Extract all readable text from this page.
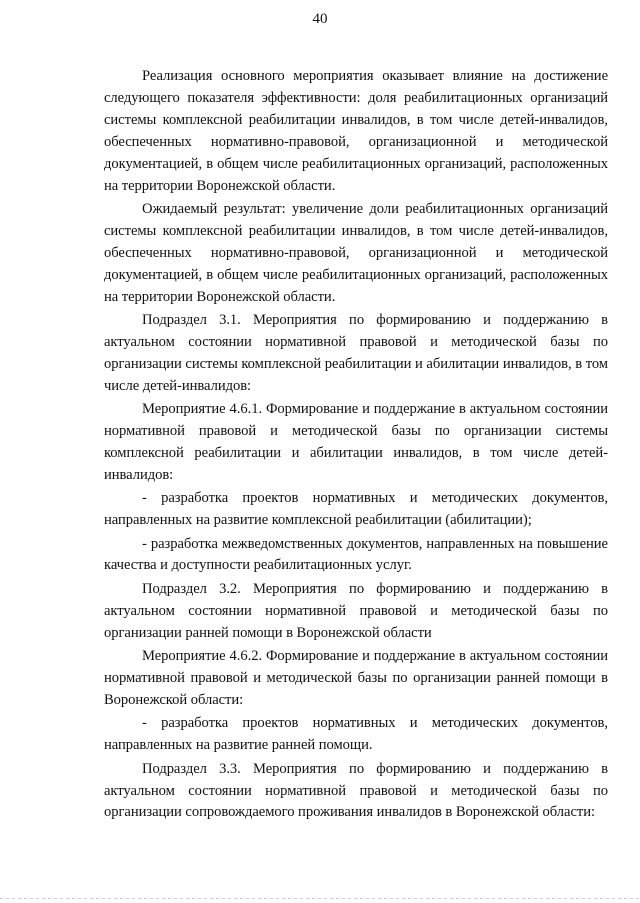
40

Реализация основного мероприятия оказывает влияние на достижение следующего показателя эффективности: доля реабилитационных организаций системы комплексной реабилитации инвалидов, в том числе детей-инвалидов, обеспеченных нормативно-правовой, организационной и методической документацией, в общем числе реабилитационных организаций, расположенных на территории Воронежской области.

Ожидаемый результат: увеличение доли реабилитационных организаций системы комплексной реабилитации инвалидов, в том числе детей-инвалидов, обеспеченных нормативно-правовой, организационной и методической документацией, в общем числе реабилитационных организаций, расположенных на территории Воронежской области.

Подраздел 3.1. Мероприятия по формированию и поддержанию в актуальном состоянии нормативной правовой и методической базы по организации системы комплексной реабилитации и абилитации инвалидов, в том числе детей-инвалидов:

Мероприятие 4.6.1. Формирование и поддержание в актуальном состоянии нормативной правовой и методической базы по организации системы комплексной реабилитации и абилитации инвалидов, в том числе детей-инвалидов:

- разработка проектов нормативных и методических документов, направленных на развитие комплексной реабилитации (абилитации);

- разработка межведомственных документов, направленных на повышение качества и доступности реабилитационных услуг.

Подраздел 3.2. Мероприятия по формированию и поддержанию в актуальном состоянии нормативной правовой и методической базы по организации ранней помощи в Воронежской области

Мероприятие 4.6.2. Формирование и поддержание в актуальном состоянии нормативной правовой и методической базы по организации ранней помощи в Воронежской области:

- разработка проектов нормативных и методических документов, направленных на развитие ранней помощи.

Подраздел 3.3. Мероприятия по формированию и поддержанию в актуальном состоянии нормативной правовой и методической базы по организации сопровождаемого проживания инвалидов в Воронежской области:
